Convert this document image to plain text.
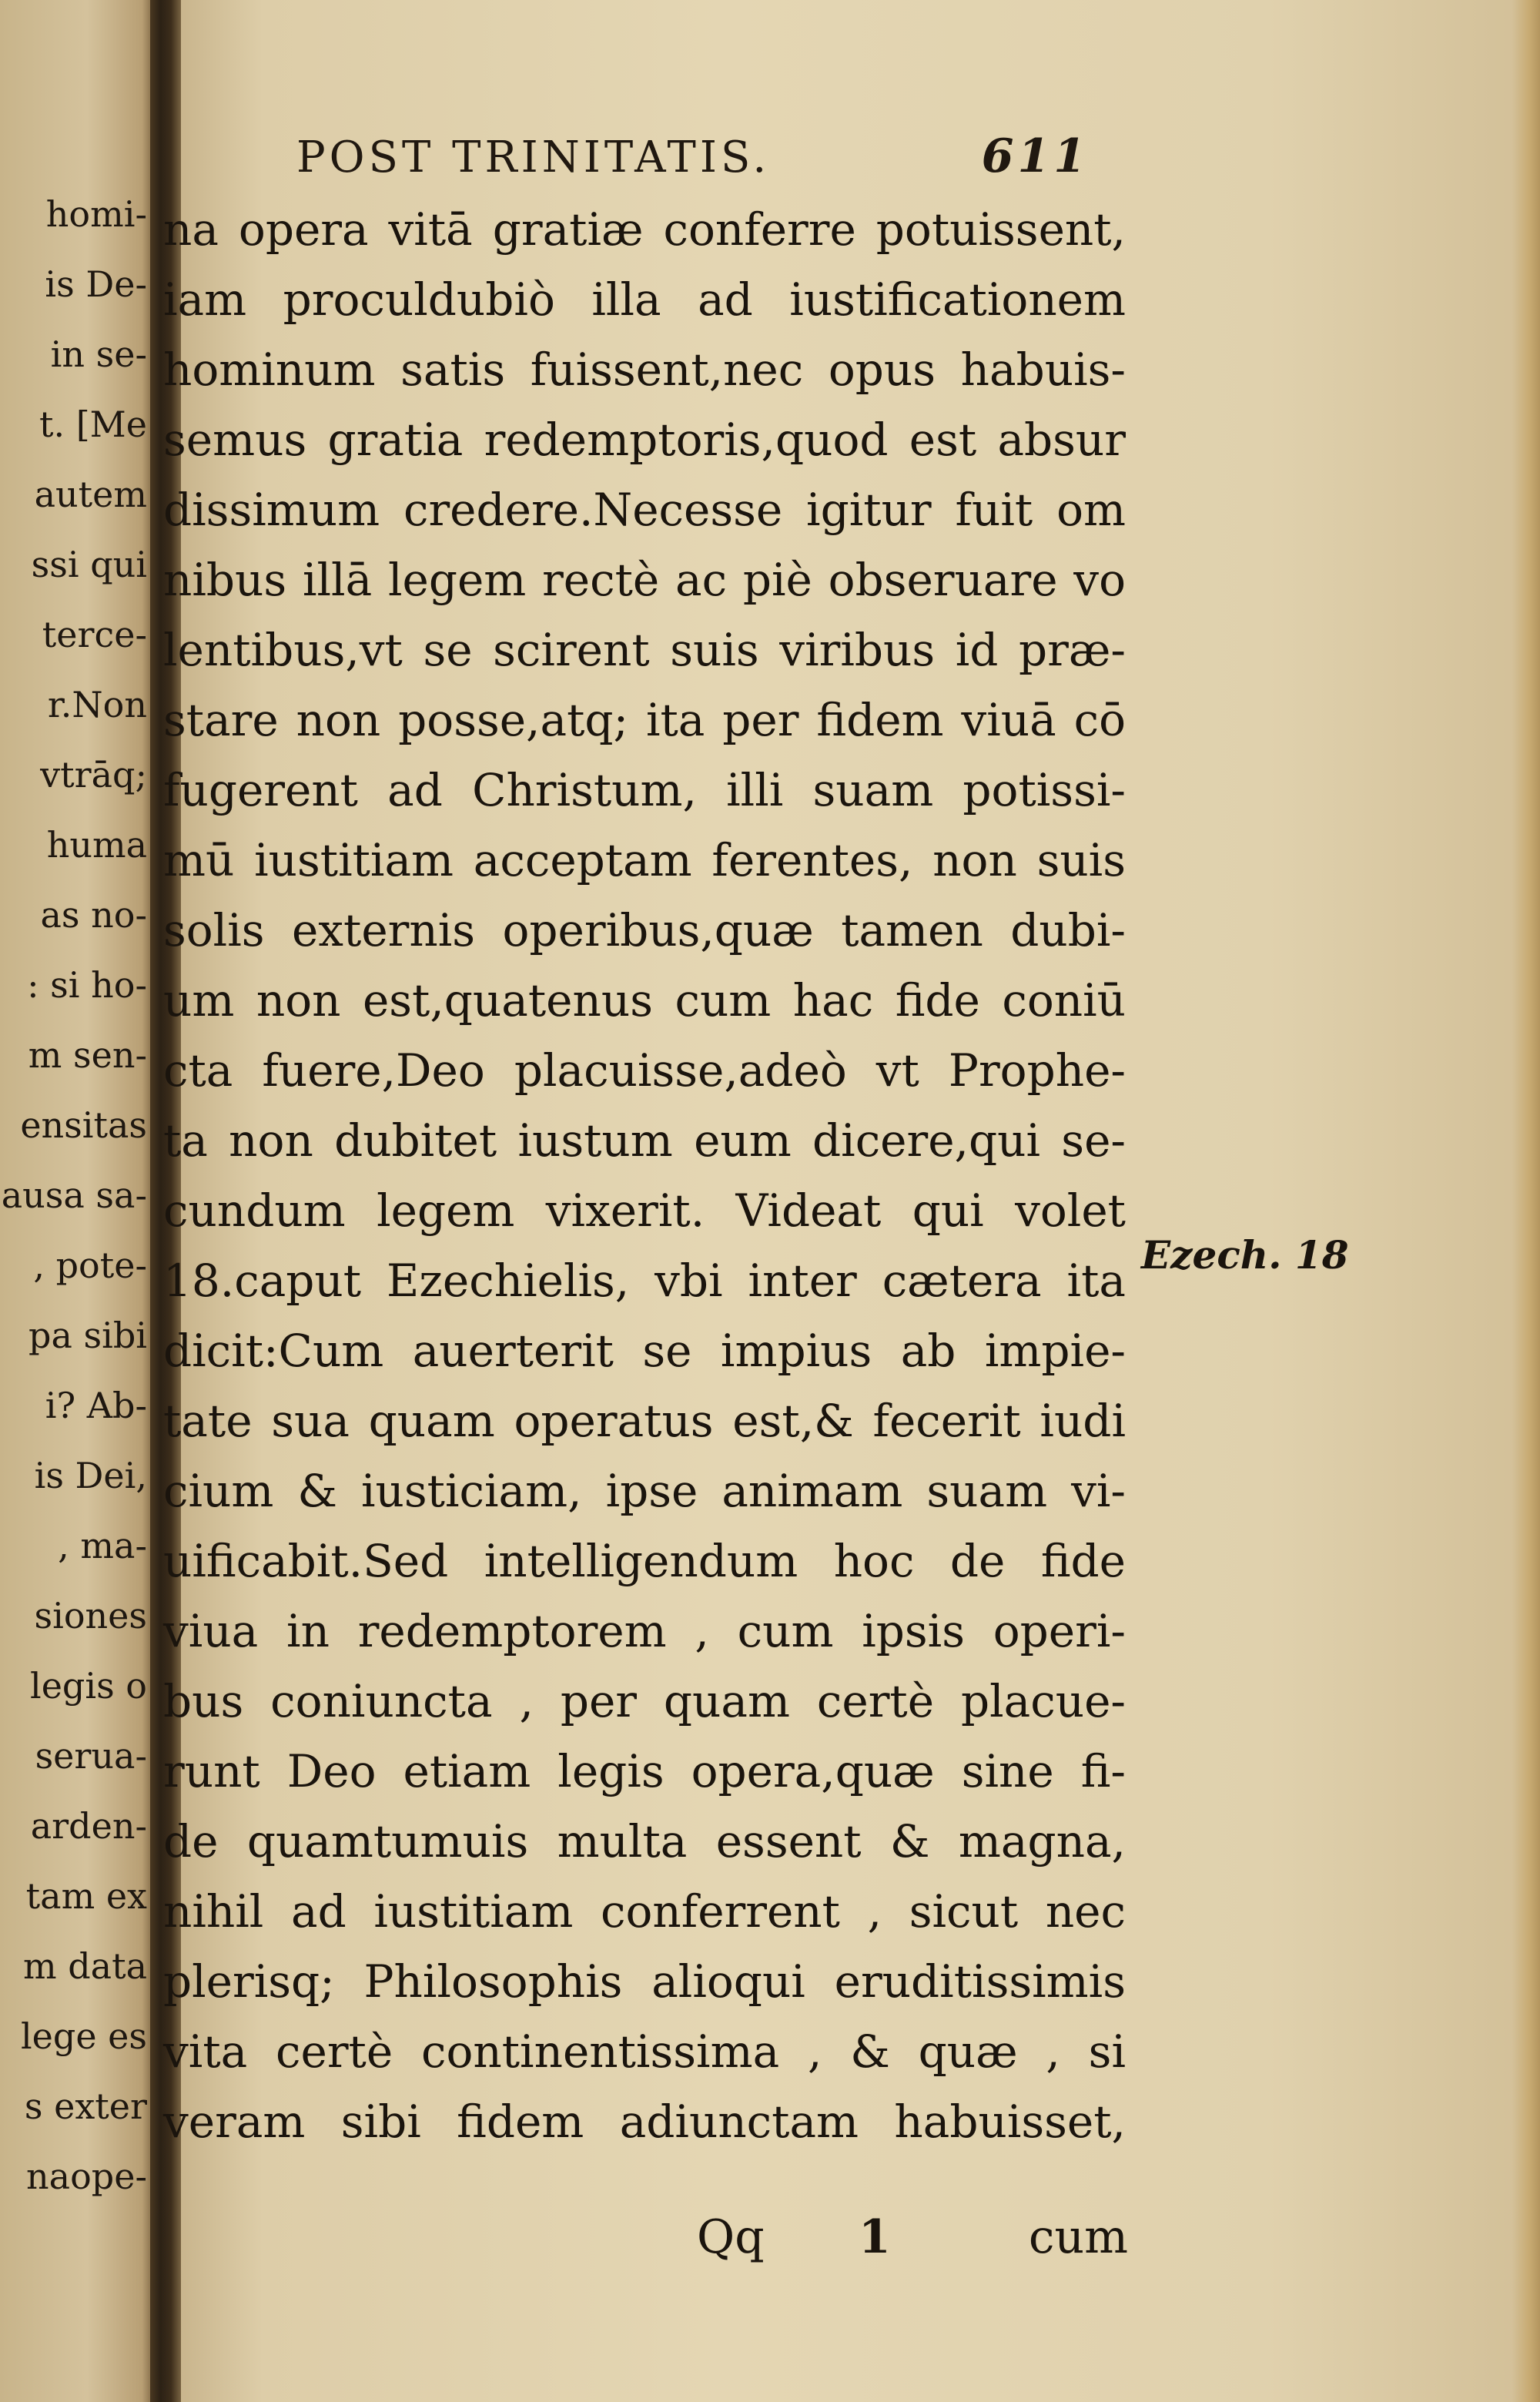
homi-
is De-
in se-
t. [Me
autem
ssi qui
terce-
r.Non
vtrāq;
huma
as no-
: si ho-
m sen-
ensitas
ausa sa-
, pote-
pa sibi
i? Ab-
is Dei,
, ma-
siones
legis o
serua-
arden-
tam ex
m data
lege es
s exter
naope-
POST TRINITATIS.	611
na opera vitā gratiæ conferre potuissent,
iam proculdubiò illa ad iustificationem
hominum satis fuissent,nec opus habuis-
semus gratia redemptoris,quod est absur
dissimum credere.Necesse igitur fuit om
nibus illā legem rectè ac piè obseruare vo
lentibus,vt se scirent suis viribus id præ-
stare non posse,atq; ita per fidem viuā cō
fugerent ad Christum, illi suam potissi-
mū iustitiam acceptam ferentes, non suis
solis externis operibus,quæ tamen dubi-
um non est,quatenus cum hac fide coniū
cta fuere,Deo placuisse,adeò vt Prophe-
ta non dubitet iustum eum dicere,qui se-
cundum legem vixerit. Videat qui volet
18.caput Ezechielis, vbi inter cætera ita
dicit:Cum auerterit se impius ab impie-
tate sua quam operatus est,& fecerit iudi
cium & iusticiam, ipse animam suam vi-
uificabit.Sed intelligendum hoc de fide
viua in redemptorem , cum ipsis operi-
bus coniuncta , per quam certè placue-
runt Deo etiam legis opera,quæ sine fi-
de quamtumuis multa essent & magna,
nihil ad iustitiam conferrent , sicut nec
plerisq; Philosophis alioqui eruditissimis
vita certè continentissima , & quæ , si
veram sibi fidem adiunctam habuisset,
Ezech. 18
Qq 1	cum
